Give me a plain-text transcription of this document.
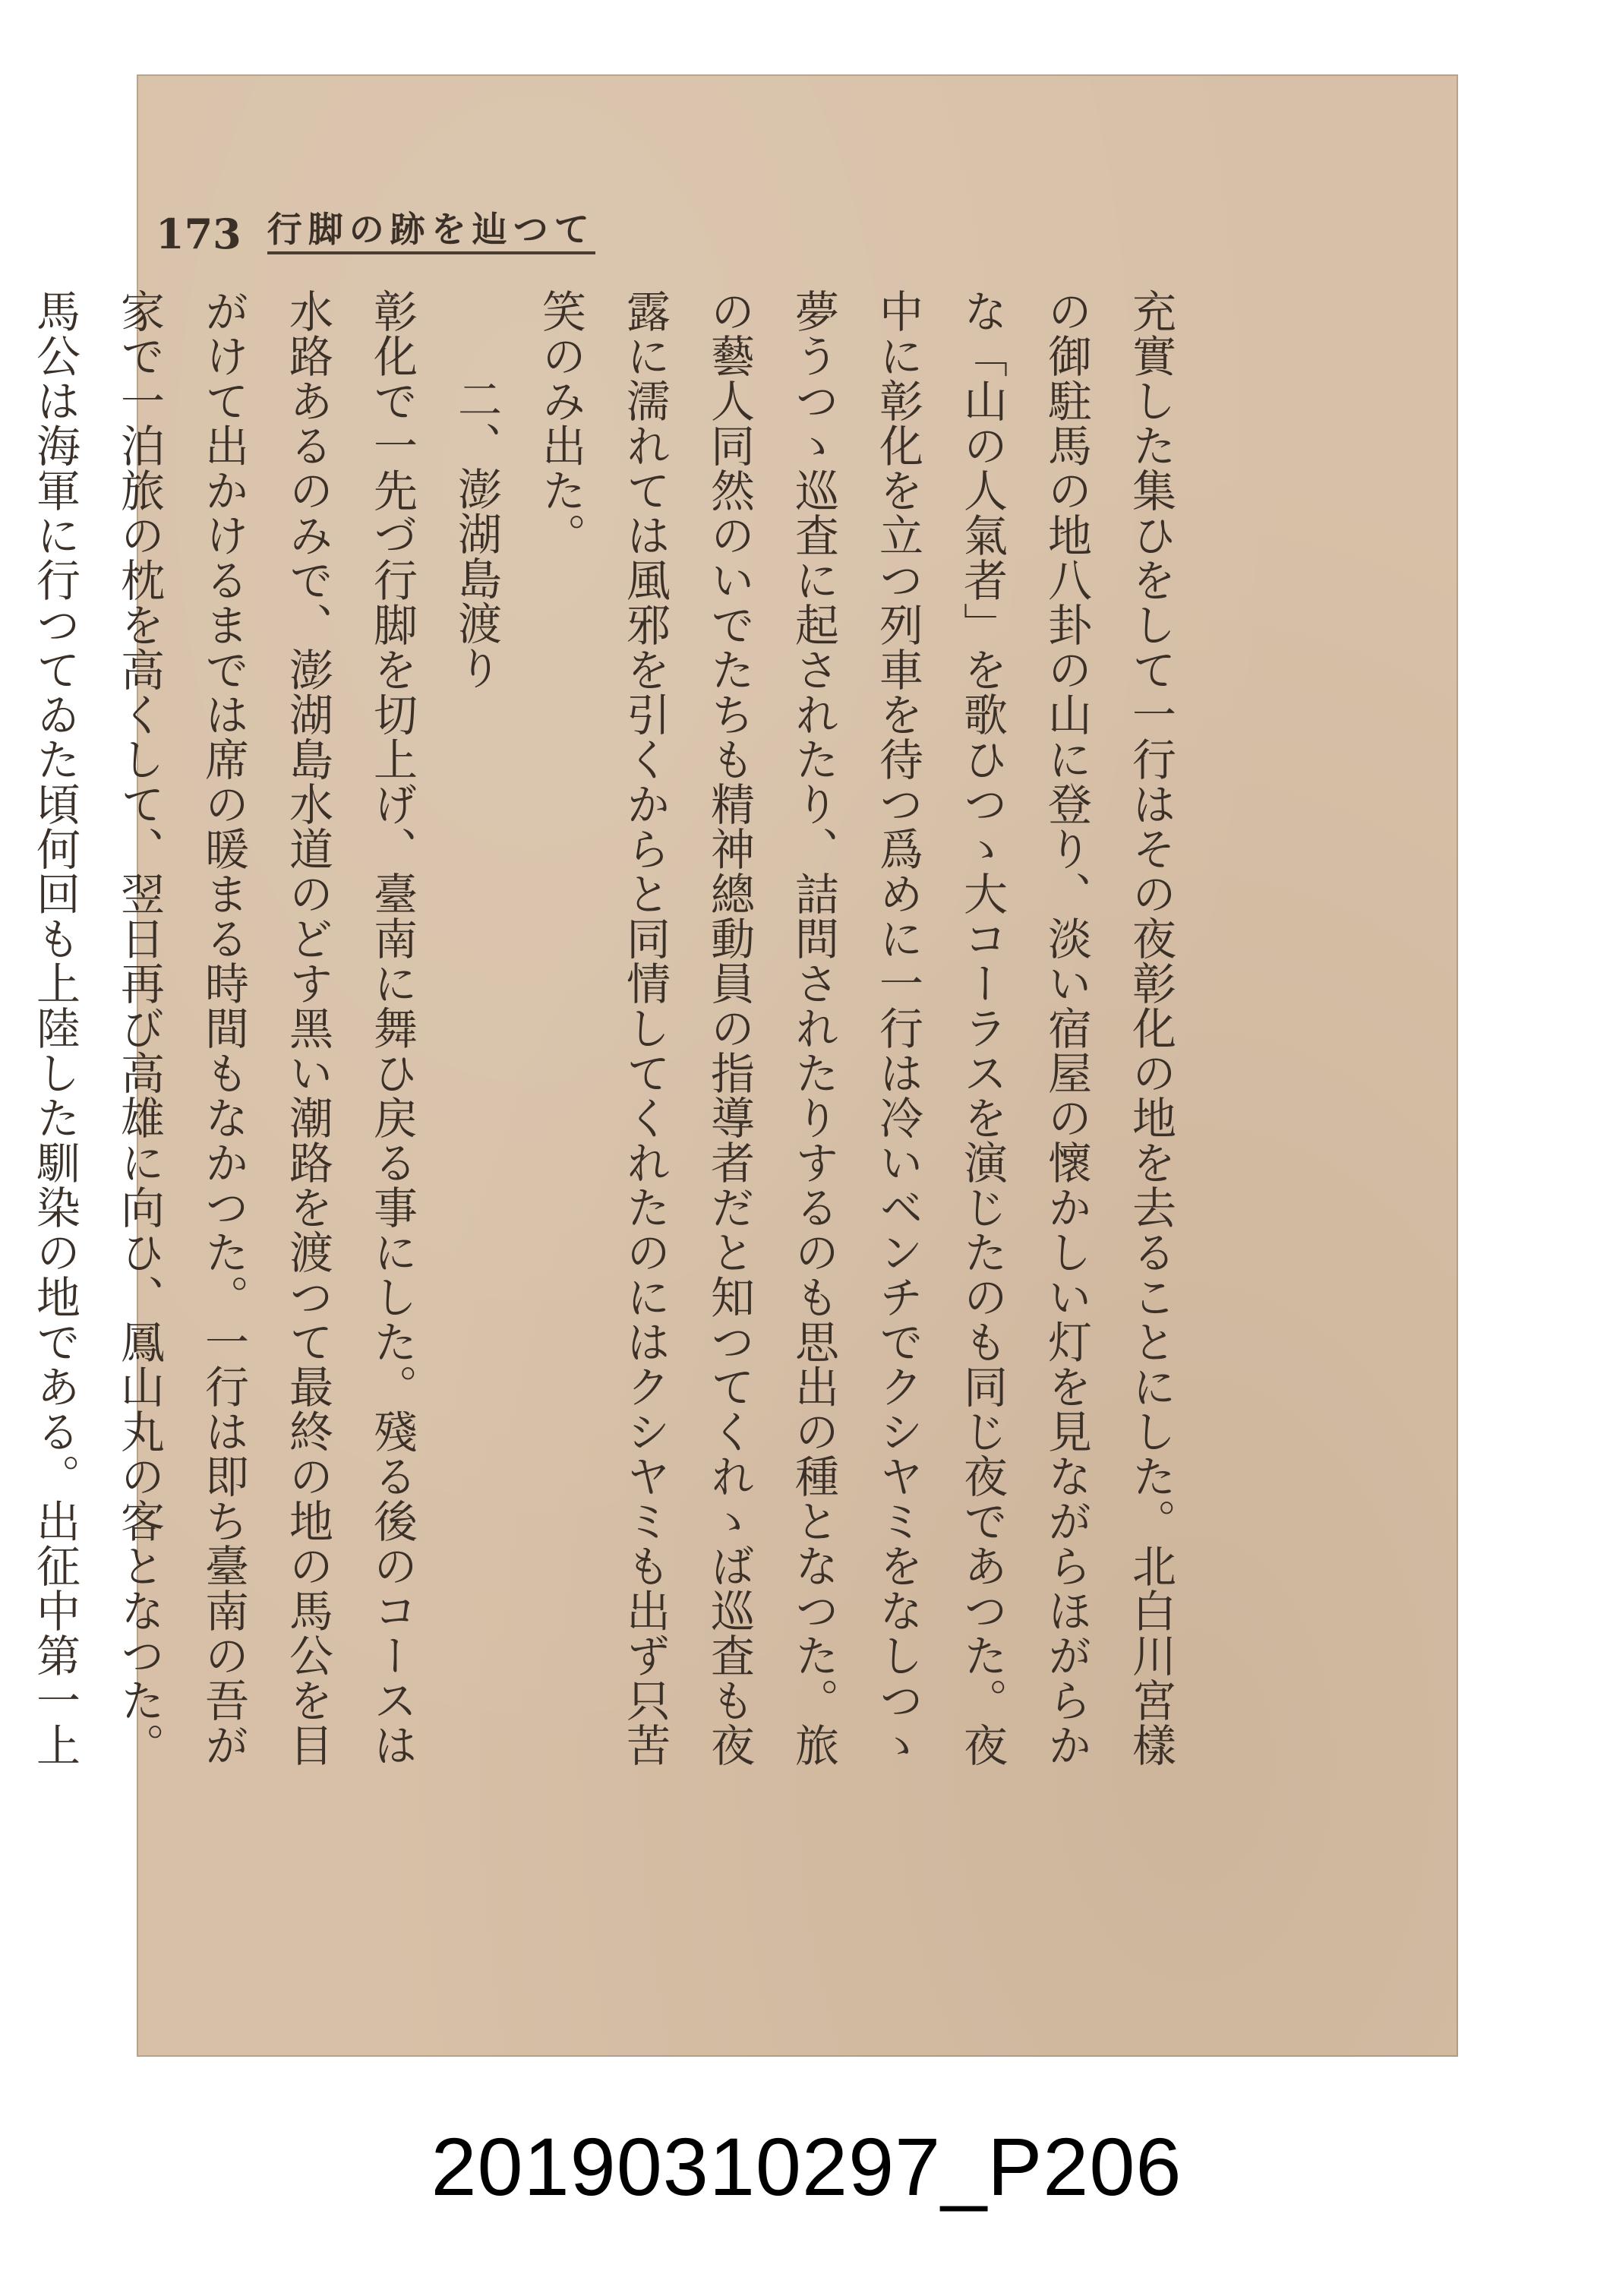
173 行脚の跡を辿つて

充實した集ひをして一行はその夜彰化の地を去ることにした。北白川宮樣の御駐馬の地八卦の山に登り、淡い宿屋の懷かしい灯を見ながらほがらかな「山の人氣者」を歌ひつゝ大コーラスを演じたのも同じ夜であつた。夜中に彰化を立つ列車を待つ爲めに一行は冷いベンチでクシヤミをなしつゝ夢うつゝ巡査に起されたり、詰問されたりするのも思出の種となつた。旅の藝人同然のいでたちも精神總動員の指導者だと知つてくれゝば巡査も夜露に濡れては風邪を引くからと同情してくれたのにはクシヤミも出ず只苦笑のみ出た。

二、澎湖島渡り

彰化で一先づ行脚を切上げ、臺南に舞ひ戻る事にした。殘る後のコースは水路あるのみで、澎湖島水道のどす黑い潮路を渡つて最終の地の馬公を目がけて出かけるまでは席の暖まる時間もなかつた。一行は即ち臺南の吾が家で一泊旅の枕を高くして、翌日再び高雄に向ひ、鳳山丸の客となつた。馬公は海軍に行つてゐた頃何回も上陸した馴染の地である。出征中第一上

20190310297_P206
